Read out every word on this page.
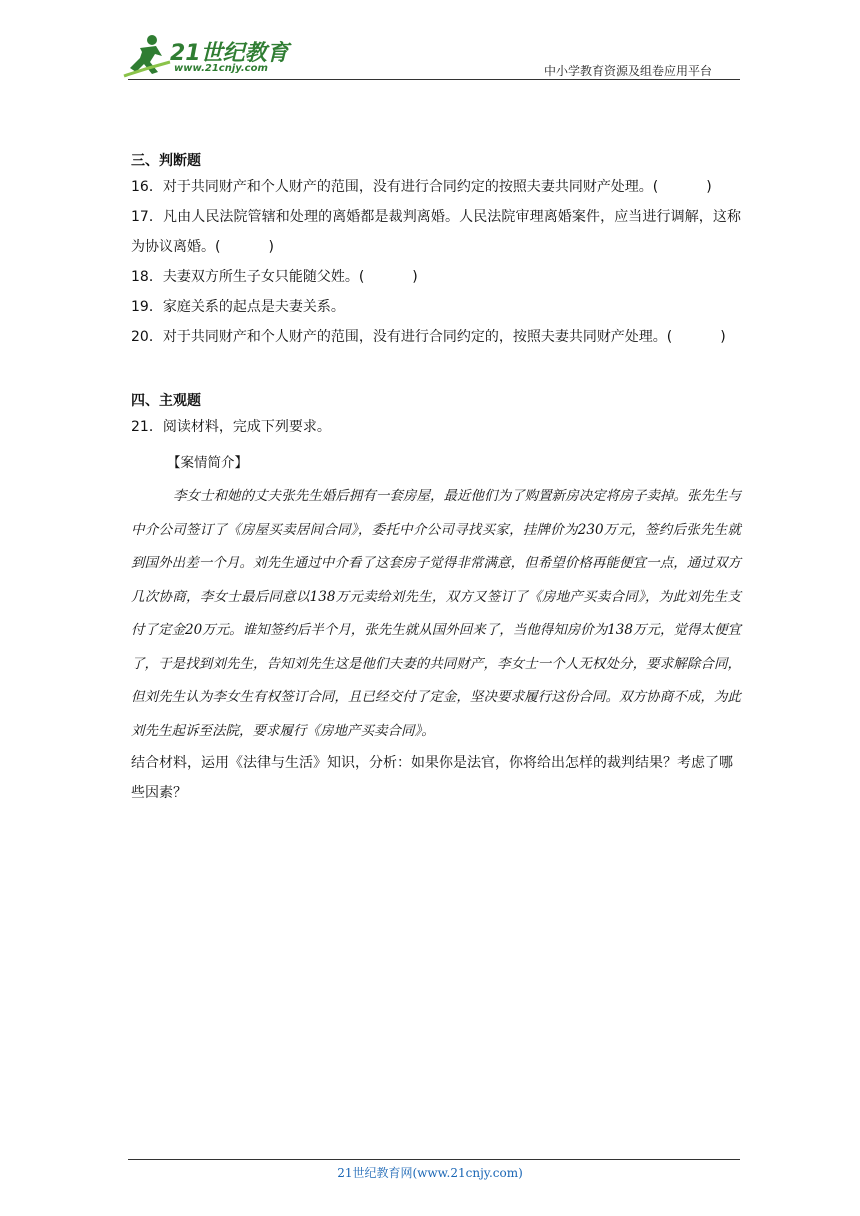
21世纪教育
www.21cnjy.com	中小学教育资源及组卷应用平台

三、判断题

16．对于共同财产和个人财产的范围，没有进行合同约定的按照夫妻共同财产处理。(	)

17．凡由人民法院管辖和处理的离婚都是裁判离婚。人民法院审理离婚案件，应当进行调解，这称为协议离婚。(	)

18．夫妻双方所生子女只能随父姓。(	)

19．家庭关系的起点是夫妻关系。

20．对于共同财产和个人财产的范围，没有进行合同约定的，按照夫妻共同财产处理。(	)

四、主观题

21．阅读材料，完成下列要求。

【案情简介】

李女士和她的丈夫张先生婚后拥有一套房屋，最近他们为了购置新房决定将房子卖掉。张先生与中介公司签订了《房屋买卖居间合同》，委托中介公司寻找买家，挂牌价为230万元，签约后张先生就到国外出差一个月。刘先生通过中介看了这套房子觉得非常满意，但希望价格再能便宜一点，通过双方几次协商，李女士最后同意以138万元卖给刘先生，双方又签订了《房地产买卖合同》，为此刘先生支付了定金20万元。谁知签约后半个月，张先生就从国外回来了，当他得知房价为138万元，觉得太便宜了，于是找到刘先生，告知刘先生这是他们夫妻的共同财产，李女士一个人无权处分，要求解除合同，但刘先生认为李女生有权签订合同，且已经交付了定金，坚决要求履行这份合同。双方协商不成，为此刘先生起诉至法院，要求履行《房地产买卖合同》。

结合材料，运用《法律与生活》知识，分析：如果你是法官，你将给出怎样的裁判结果？考虑了哪些因素？

21世纪教育网(www.21cnjy.com)
